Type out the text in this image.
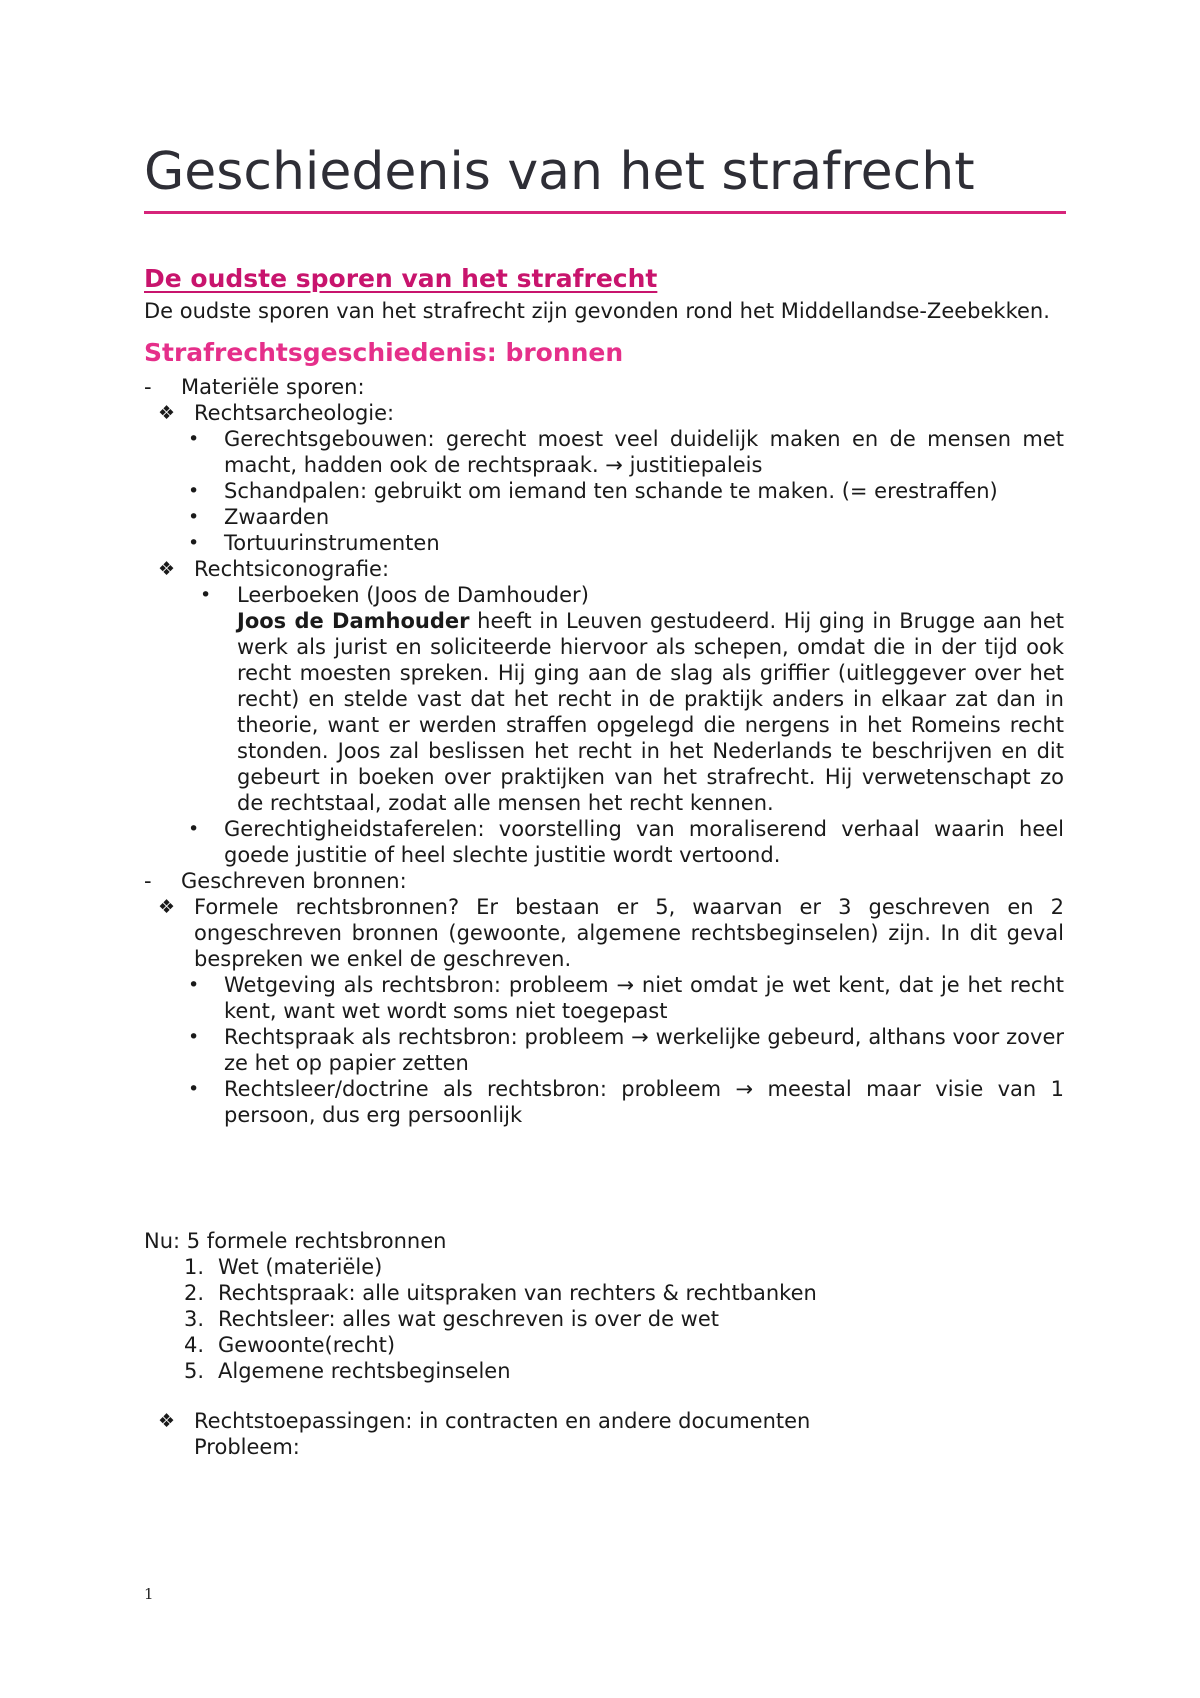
Geschiedenis van het strafrecht
De oudste sporen van het strafrecht

De oudste sporen van het strafrecht zijn gevonden rond het Middellandse-Zeebekken.

Strafrechtsgeschiedenis: bronnen
- Materiële sporen:
❖ Rechtsarcheologie:
• Gerechtsgebouwen: gerecht moest veel duidelijk maken en de mensen met macht, hadden ook de rechtspraak. → justitiepaleis
• Schandpalen: gebruikt om iemand ten schande te maken. (= erestraffen)
• Zwaarden
• Tortuurinstrumenten
❖ Rechtsiconografie:
• Leerboeken (Joos de Damhouder)
Joos de Damhouder heeft in Leuven gestudeerd. Hij ging in Brugge aan het werk als jurist en soliciteerde hiervoor als schepen, omdat die in der tijd ook recht moesten spreken. Hij ging aan de slag als griffier (uitleggever over het recht) en stelde vast dat het recht in de praktijk anders in elkaar zat dan in theorie, want er werden straffen opgelegd die nergens in het Romeins recht stonden. Joos zal beslissen het recht in het Nederlands te beschrijven en dit gebeurt in boeken over praktijken van het strafrecht. Hij verwetenschapt zo de rechtstaal, zodat alle mensen het recht kennen.
• Gerechtigheidstaferelen: voorstelling van moraliserend verhaal waarin heel goede justitie of heel slechte justitie wordt vertoond.
- Geschreven bronnen:
❖ Formele rechtsbronnen? Er bestaan er 5, waarvan er 3 geschreven en 2 ongeschreven bronnen (gewoonte, algemene rechtsbeginselen) zijn. In dit geval bespreken we enkel de geschreven.
• Wetgeving als rechtsbron: probleem → niet omdat je wet kent, dat je het recht kent, want wet wordt soms niet toegepast
• Rechtspraak als rechtsbron: probleem → werkelijke gebeurd, althans voor zover ze het op papier zetten
• Rechtsleer/doctrine als rechtsbron: probleem → meestal maar visie van 1 persoon, dus erg persoonlijk

Nu: 5 formele rechtsbronnen

1. Wet (materiële)
2. Rechtspraak: alle uitspraken van rechters & rechtbanken
3. Rechtsleer: alles wat geschreven is over de wet
4. Gewoonte(recht)
5. Algemene rechtsbeginselen
❖ Rechtstoepassingen: in contracten en andere documenten
Probleem:
1
